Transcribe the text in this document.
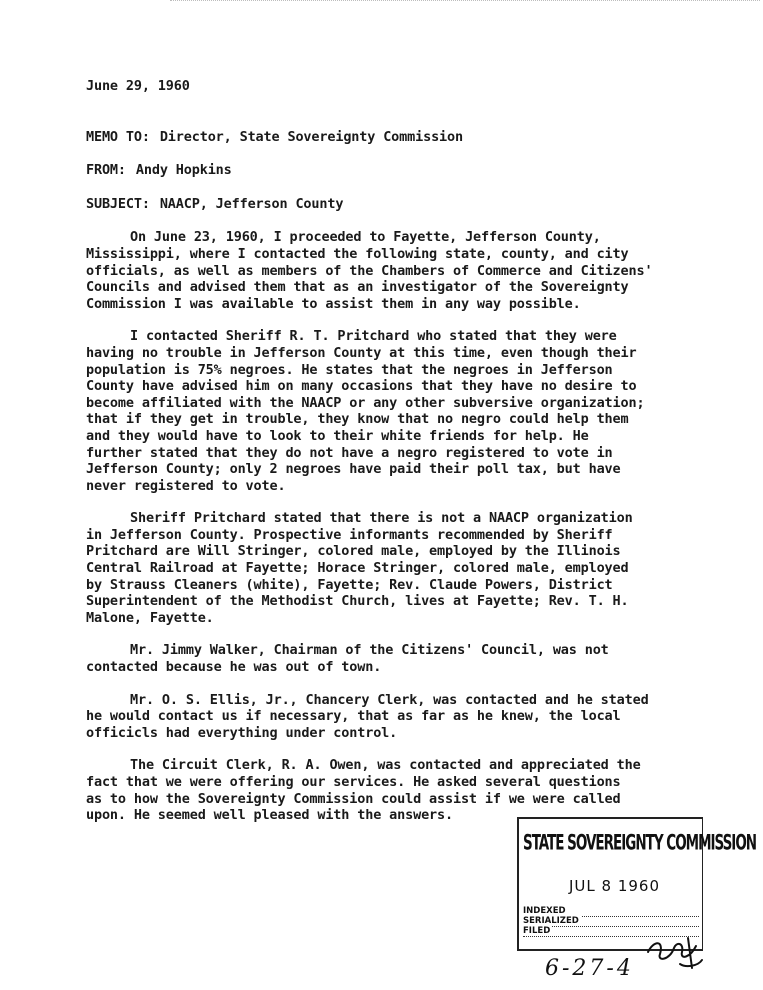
June 29, 1960
MEMO TO: Director, State Sovereignty Commission
FROM: Andy Hopkins
SUBJECT: NAACP, Jefferson County

On June 23, 1960, I proceeded to Fayette, Jefferson County,
Mississippi, where I contacted the following state, county, and city
officials, as well as members of the Chambers of Commerce and Citizens'
Councils and advised them that as an investigator of the Sovereignty
Commission I was available to assist them in any way possible.

I contacted Sheriff R. T. Pritchard who stated that they were
having no trouble in Jefferson County at this time, even though their
population is 75% negroes. He states that the negroes in Jefferson
County have advised him on many occasions that they have no desire to
become affiliated with the NAACP or any other subversive organization;
that if they get in trouble, they know that no negro could help them
and they would have to look to their white friends for help. He
further stated that they do not have a negro registered to vote in
Jefferson County; only 2 negroes have paid their poll tax, but have
never registered to vote.

Sheriff Pritchard stated that there is not a NAACP organization
in Jefferson County. Prospective informants recommended by Sheriff
Pritchard are Will Stringer, colored male, employed by the Illinois
Central Railroad at Fayette; Horace Stringer, colored male, employed
by Strauss Cleaners (white), Fayette; Rev. Claude Powers, District
Superintendent of the Methodist Church, lives at Fayette; Rev. T. H.
Malone, Fayette.

Mr. Jimmy Walker, Chairman of the Citizens' Council, was not
contacted because he was out of town.

Mr. O. S. Ellis, Jr., Chancery Clerk, was contacted and he stated
he would contact us if necessary, that as far as he knew, the local
officicls had everything under control.

The Circuit Clerk, R. A. Owen, was contacted and appreciated the
fact that we were offering our services. He asked several questions
as to how the Sovereignty Commission could assist if we were called
upon. He seemed well pleased with the answers.

STATE SOVEREIGNTY COMMISSION
JUL 8 1960
INDEXED
SERIALIZED
FILED
6-27-4
